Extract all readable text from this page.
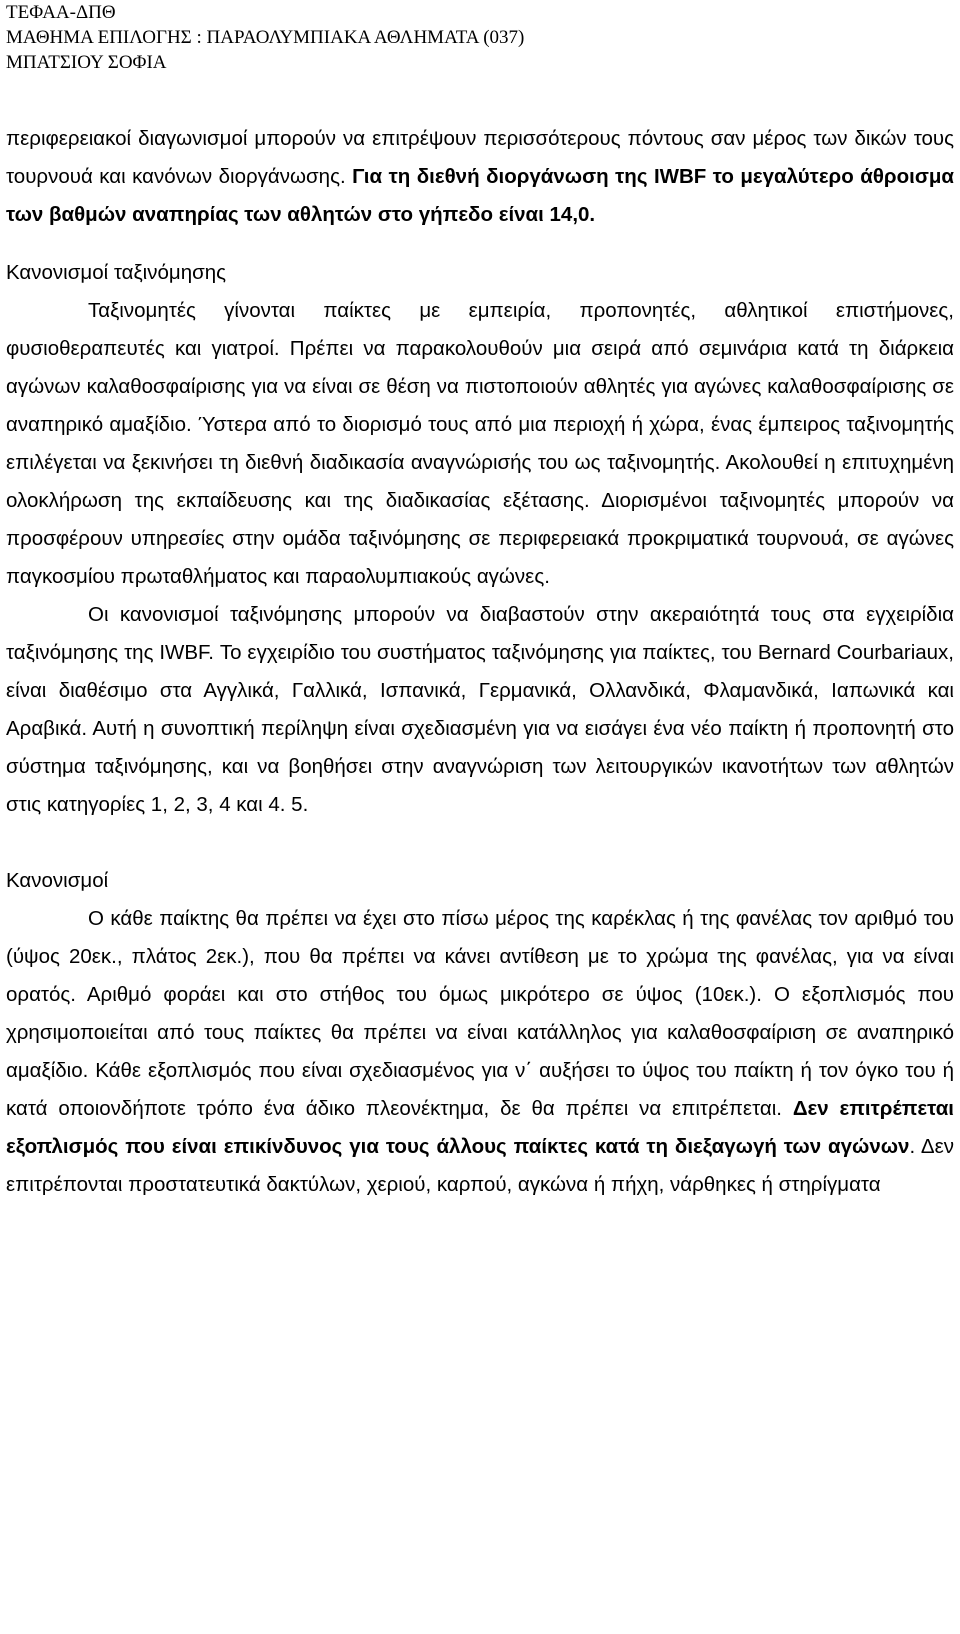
ΤΕΦΑΑ-ΔΠΘ
ΜΑΘΗΜΑ ΕΠΙΛΟΓΗΣ : ΠΑΡΑΟΛΥΜΠΙΑΚΑ ΑΘΛΗΜΑΤΑ (037)
ΜΠΑΤΣΙΟΥ ΣΟΦΙΑ

περιφερειακοί διαγωνισμοί μπορούν να επιτρέψουν περισσότερους πόντους σαν μέρος των δικών τους τουρνουά και κανόνων διοργάνωσης. Για τη διεθνή διοργάνωση της IWBF το μεγαλύτερο άθροισμα των βαθμών αναπηρίας των αθλητών στο γήπεδο είναι 14,0.

Κανονισμοί ταξινόμησης

Ταξινομητές γίνονται παίκτες με εμπειρία, προπονητές, αθλητικοί επιστήμονες, φυσιοθεραπευτές και γιατροί. Πρέπει να παρακολουθούν μια σειρά από σεμινάρια κατά τη διάρκεια αγώνων καλαθοσφαίρισης για να είναι σε θέση να πιστοποιούν αθλητές για αγώνες καλαθοσφαίρισης σε αναπηρικό αμαξίδιο. Ύστερα από το διορισμό τους από μια περιοχή ή χώρα, ένας έμπειρος ταξινομητής επιλέγεται να ξεκινήσει τη διεθνή διαδικασία αναγνώρισής του ως ταξινομητής. Ακολουθεί η επιτυχημένη ολοκλήρωση της εκπαίδευσης και της διαδικασίας εξέτασης. Διορισμένοι ταξινομητές μπορούν να προσφέρουν υπηρεσίες στην ομάδα ταξινόμησης σε περιφερειακά προκριματικά τουρνουά, σε αγώνες παγκοσμίου πρωταθλήματος και παραολυμπιακούς αγώνες.

Οι κανονισμοί ταξινόμησης μπορούν να διαβαστούν στην ακεραιότητά τους στα εγχειρίδια ταξινόμησης της IWBF. Το εγχειρίδιο του συστήματος ταξινόμησης για παίκτες, του Bernard Courbariaux, είναι διαθέσιμο στα Αγγλικά, Γαλλικά, Ισπανικά, Γερμανικά, Ολλανδικά, Φλαμανδικά, Ιαπωνικά και Αραβικά. Αυτή η συνοπτική περίληψη είναι σχεδιασμένη για να εισάγει ένα νέο παίκτη ή προπονητή στο σύστημα ταξινόμησης, και να βοηθήσει στην αναγνώριση των λειτουργικών ικανοτήτων των αθλητών στις κατηγορίες 1, 2, 3, 4 και 4. 5.

Κανονισμοί

Ο κάθε παίκτης θα πρέπει να έχει στο πίσω μέρος της καρέκλας ή της φανέλας τον αριθμό του (ύψος 20εκ., πλάτος 2εκ.), που θα πρέπει να κάνει αντίθεση με το χρώμα της φανέλας, για να είναι ορατός. Αριθμό φοράει και στο στήθος του όμως μικρότερο σε ύψος (10εκ.). Ο εξοπλισμός που χρησιμοποιείται από τους παίκτες θα πρέπει να είναι κατάλληλος για καλαθοσφαίριση σε αναπηρικό αμαξίδιο. Κάθε εξοπλισμός που είναι σχεδιασμένος για ν΄ αυξήσει το ύψος του παίκτη ή τον όγκο του ή κατά οποιονδήποτε τρόπο ένα άδικο πλεονέκτημα, δε θα πρέπει να επιτρέπεται. Δεν επιτρέπεται εξοπλισμός που είναι επικίνδυνος για τους άλλους παίκτες κατά τη διεξαγωγή των αγώνων. Δεν επιτρέπονται προστατευτικά δακτύλων, χεριού, καρπού, αγκώνα ή πήχη, νάρθηκες ή στηρίγματα
